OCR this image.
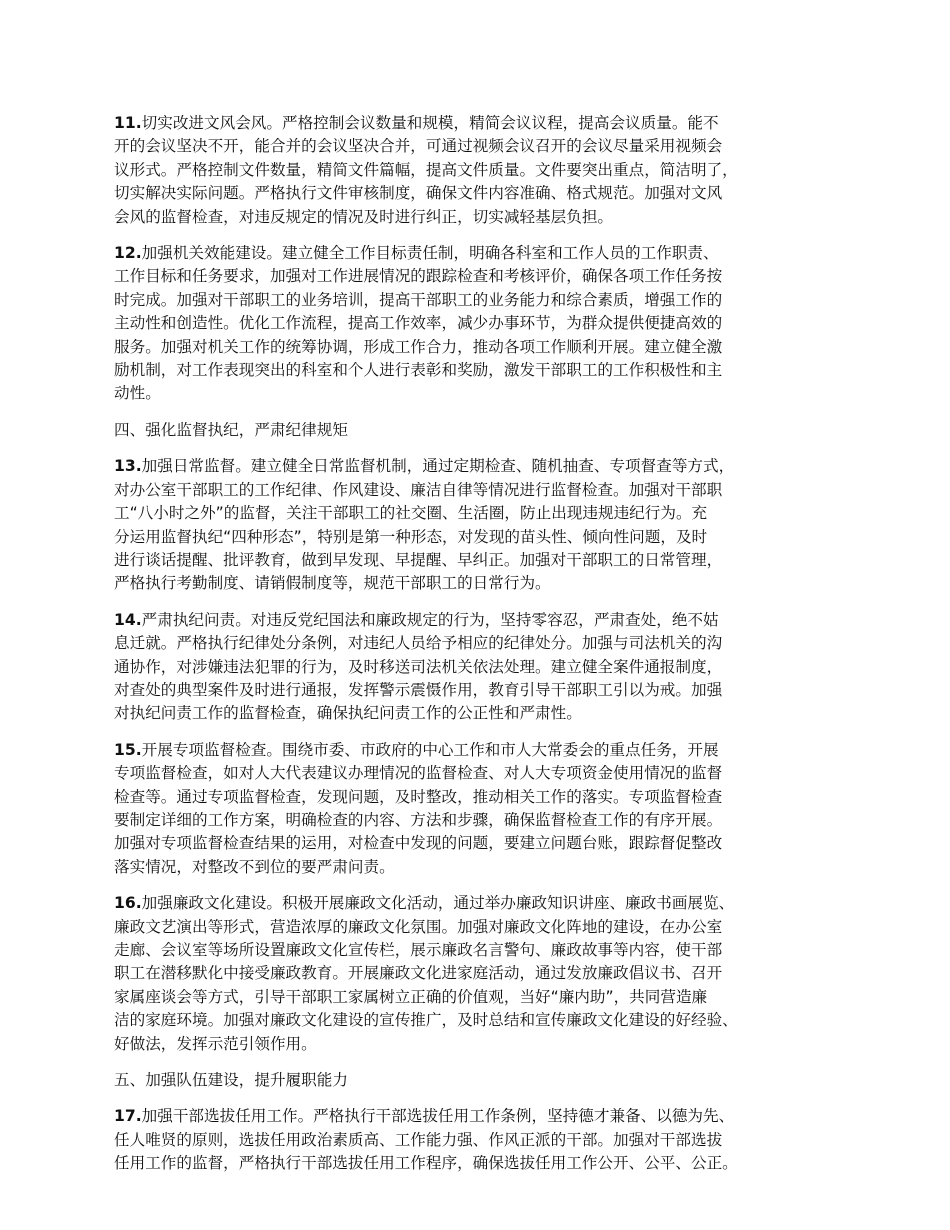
11.切实改进文风会风。严格控制会议数量和规模，精简会议议程，提高会议质量。能不
开的会议坚决不开，能合并的会议坚决合并，可通过视频会议召开的会议尽量采用视频会
议形式。严格控制文件数量，精简文件篇幅，提高文件质量。文件要突出重点，简洁明了，
切实解决实际问题。严格执行文件审核制度，确保文件内容准确、格式规范。加强对文风
会风的监督检查，对违反规定的情况及时进行纠正，切实减轻基层负担。

12.加强机关效能建设。建立健全工作目标责任制，明确各科室和工作人员的工作职责、
工作目标和任务要求，加强对工作进展情况的跟踪检查和考核评价，确保各项工作任务按
时完成。加强对干部职工的业务培训，提高干部职工的业务能力和综合素质，增强工作的
主动性和创造性。优化工作流程，提高工作效率，减少办事环节，为群众提供便捷高效的
服务。加强对机关工作的统筹协调，形成工作合力，推动各项工作顺利开展。建立健全激
励机制，对工作表现突出的科室和个人进行表彰和奖励，激发干部职工的工作积极性和主
动性。

四、强化监督执纪，严肃纪律规矩

13.加强日常监督。建立健全日常监督机制，通过定期检查、随机抽查、专项督查等方式，
对办公室干部职工的工作纪律、作风建设、廉洁自律等情况进行监督检查。加强对干部职
工“八小时之外”的监督，关注干部职工的社交圈、生活圈，防止出现违规违纪行为。充
分运用监督执纪“四种形态”，特别是第一种形态，对发现的苗头性、倾向性问题，及时
进行谈话提醒、批评教育，做到早发现、早提醒、早纠正。加强对干部职工的日常管理，
严格执行考勤制度、请销假制度等，规范干部职工的日常行为。

14.严肃执纪问责。对违反党纪国法和廉政规定的行为，坚持零容忍，严肃查处，绝不姑
息迁就。严格执行纪律处分条例，对违纪人员给予相应的纪律处分。加强与司法机关的沟
通协作，对涉嫌违法犯罪的行为，及时移送司法机关依法处理。建立健全案件通报制度，
对查处的典型案件及时进行通报，发挥警示震慑作用，教育引导干部职工引以为戒。加强
对执纪问责工作的监督检查，确保执纪问责工作的公正性和严肃性。

15.开展专项监督检查。围绕市委、市政府的中心工作和市人大常委会的重点任务，开展
专项监督检查，如对人大代表建议办理情况的监督检查、对人大专项资金使用情况的监督
检查等。通过专项监督检查，发现问题，及时整改，推动相关工作的落实。专项监督检查
要制定详细的工作方案，明确检查的内容、方法和步骤，确保监督检查工作的有序开展。
加强对专项监督检查结果的运用，对检查中发现的问题，要建立问题台账，跟踪督促整改
落实情况，对整改不到位的要严肃问责。

16.加强廉政文化建设。积极开展廉政文化活动，通过举办廉政知识讲座、廉政书画展览、
廉政文艺演出等形式，营造浓厚的廉政文化氛围。加强对廉政文化阵地的建设，在办公室
走廊、会议室等场所设置廉政文化宣传栏，展示廉政名言警句、廉政故事等内容，使干部
职工在潜移默化中接受廉政教育。开展廉政文化进家庭活动，通过发放廉政倡议书、召开
家属座谈会等方式，引导干部职工家属树立正确的价值观，当好“廉内助”，共同营造廉
洁的家庭环境。加强对廉政文化建设的宣传推广，及时总结和宣传廉政文化建设的好经验、
好做法，发挥示范引领作用。

五、加强队伍建设，提升履职能力

17.加强干部选拔任用工作。严格执行干部选拔任用工作条例，坚持德才兼备、以德为先、
任人唯贤的原则，选拔任用政治素质高、工作能力强、作风正派的干部。加强对干部选拔
任用工作的监督，严格执行干部选拔任用工作程序，确保选拔任用工作公开、公平、公正。
